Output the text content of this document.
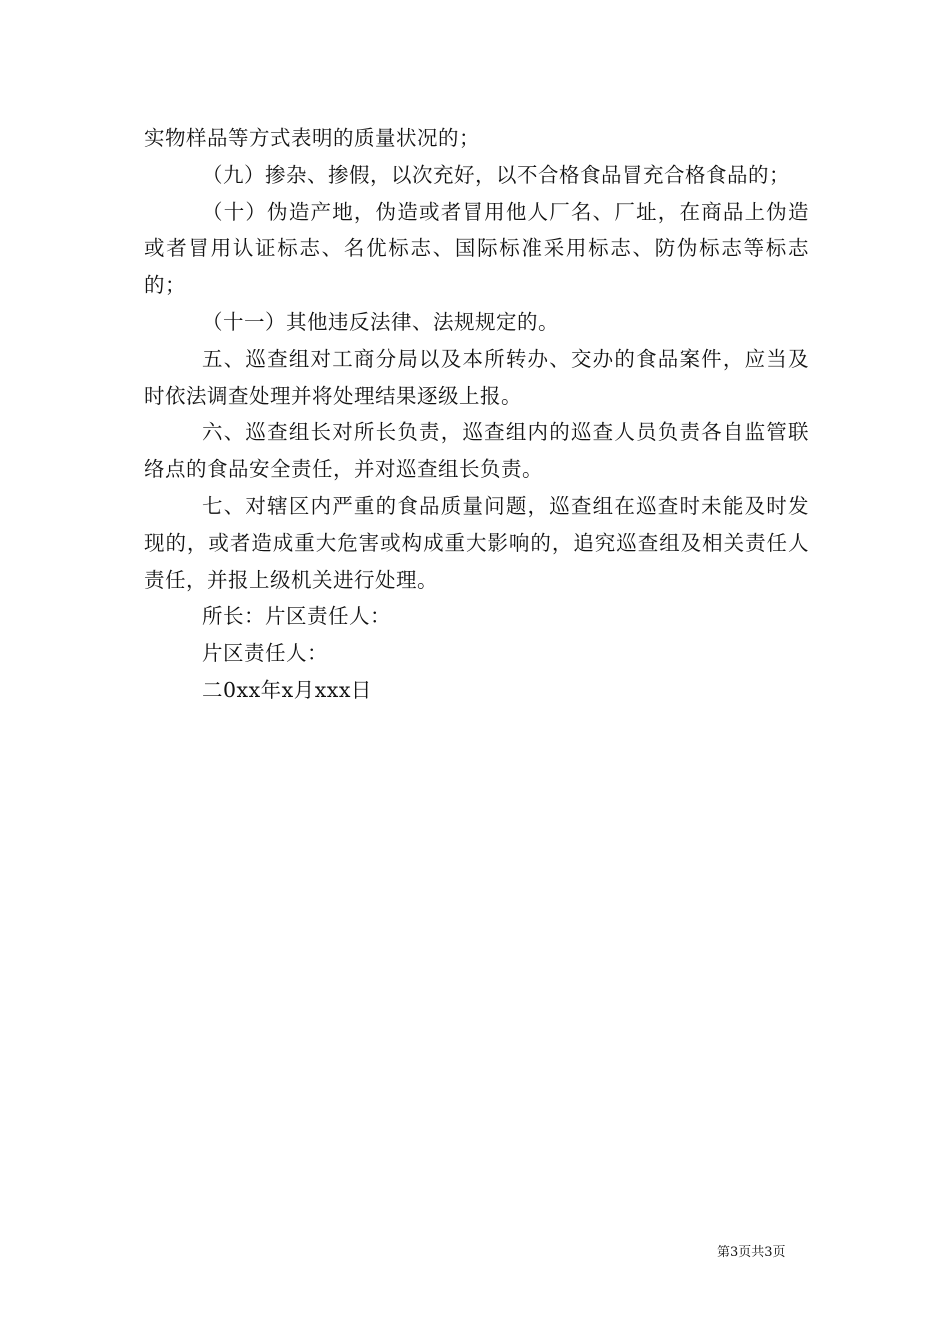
实物样品等方式表明的质量状况的；

（九）掺杂、掺假，以次充好，以不合格食品冒充合格食品的；

（十）伪造产地，伪造或者冒用他人厂名、厂址，在商品上伪造或者冒用认证标志、名优标志、国际标准采用标志、防伪标志等标志的；

（十一）其他违反法律、法规规定的。

五、巡查组对工商分局以及本所转办、交办的食品案件，应当及时依法调查处理并将处理结果逐级上报。

六、巡查组长对所长负责，巡查组内的巡查人员负责各自监管联络点的食品安全责任，并对巡查组长负责。

七、对辖区内严重的食品质量问题，巡查组在巡查时未能及时发现的，或者造成重大危害或构成重大影响的，追究巡查组及相关责任人责任，并报上级机关进行处理。

所长：片区责任人：

片区责任人：

二0xx年x月xxx日

第3页共3页
